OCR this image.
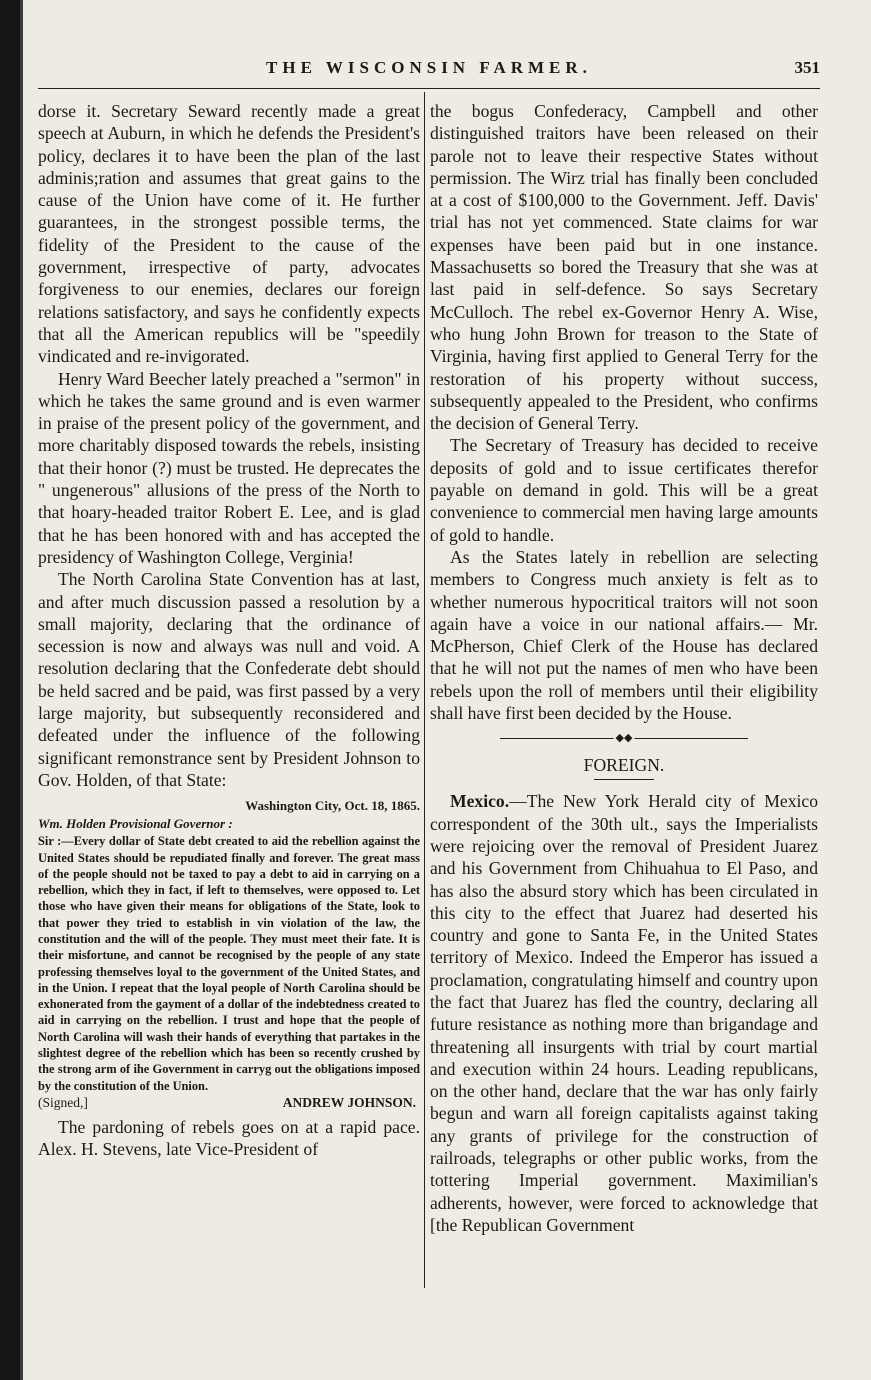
THE WISCONSIN FARMER.	351

dorse it. Secretary Seward recently made a great speech at Auburn, in which he defends the President's policy, declares it to have been the plan of the last adminis;ration and assumes that great gains to the cause of the Union have come of it. He further guarantees, in the strongest possible terms, the fidelity of the President to the cause of the government, irrespective of party, advocates forgiveness to our enemies, declares our foreign relations satisfactory, and says he confidently expects that all the American republics will be "speedily vindicated and re-invigorated.

Henry Ward Beecher lately preached a "sermon" in which he takes the same ground and is even warmer in praise of the present policy of the government, and more charitably disposed towards the rebels, insisting that their honor (?) must be trusted. He deprecates the " ungenerous" allusions of the press of the North to that hoary-headed traitor Robert E. Lee, and is glad that he has been honored with and has accepted the presidency of Washington College, Verginia!

The North Carolina State Convention has at last, and after much discussion passed a resolution by a small majority, declaring that the ordinance of secession is now and always was null and void. A resolution declaring that the Confederate debt should be held sacred and be paid, was first passed by a very large majority, but subsequently reconsidered and defeated under the influence of the following significant remonstrance sent by President Johnson to Gov. Holden, of that State:

Washington City, Oct. 18, 1865.

Wm. Holden Provisional Governor :

Sir :—Every dollar of State debt created to aid the rebellion against the United States should be repudiated finally and forever. The great mass of the people should not be taxed to pay a debt to aid in carrying on a rebellion, which they in fact, if left to themselves, were opposed to. Let those who have given their means for obligations of the State, look to that power they tried to establish in vin violation of the law, the constitution and the will of the people. They must meet their fate. It is their misfortune, and cannot be recognised by the people of any state professing themselves loyal to the government of the United States, and in the Union. I repeat that the loyal people of North Carolina should be exhonerated from the gayment of a dollar of the indebtedness created to aid in carrying on the rebellion. I trust and hope that the people of North Carolina will wash their hands of everything that partakes in the slightest degree of the rebellion which has been so recently crushed by the strong arm of ihe Government in carryg out the obligations imposed by the constitution of the Union.

(Signed,]	ANDREW JOHNSON.

The pardoning of rebels goes on at a rapid pace. Alex. H. Stevens, late Vice-President of

the bogus Confederacy, Campbell and other distinguished traitors have been released on their parole not to leave their respective States without permission. The Wirz trial has finally been concluded at a cost of $100,000 to the Government. Jeff. Davis' trial has not yet commenced. State claims for war expenses have been paid but in one instance. Massachusetts so bored the Treasury that she was at last paid in self-defence. So says Secretary McCulloch. The rebel ex-Governor Henry A. Wise, who hung John Brown for treason to the State of Virginia, having first applied to General Terry for the restoration of his property without success, subsequently appealed to the President, who confirms the decision of General Terry.

The Secretary of Treasury has decided to receive deposits of gold and to issue certificates therefor payable on demand in gold. This will be a great convenience to commercial men having large amounts of gold to handle.

As the States lately in rebellion are selecting members to Congress much anxiety is felt as to whether numerous hypocritical traitors will not soon again have a voice in our national affairs.— Mr. McPherson, Chief Clerk of the House has declared that he will not put the names of men who have been rebels upon the roll of members until their eligibility shall have first been decided by the House.

◆◆

FOREIGN.

Mexico.—The New York Herald city of Mexico correspondent of the 30th ult., says the Imperialists were rejoicing over the removal of President Juarez and his Government from Chihuahua to El Paso, and has also the absurd story which has been circulated in this city to the effect that Juarez had deserted his country and gone to Santa Fe, in the United States territory of Mexico. Indeed the Emperor has issued a proclamation, congratulating himself and country upon the fact that Juarez has fled the country, declaring all future resistance as nothing more than brigandage and threatening all insurgents with trial by court martial and execution within 24 hours. Leading republicans, on the other hand, declare that the war has only fairly begun and warn all foreign capitalists against taking any grants of privilege for the construction of railroads, telegraphs or other public works, from the tottering Imperial government. Maximilian's adherents, however, were forced to acknowledge that [the Republican Government
